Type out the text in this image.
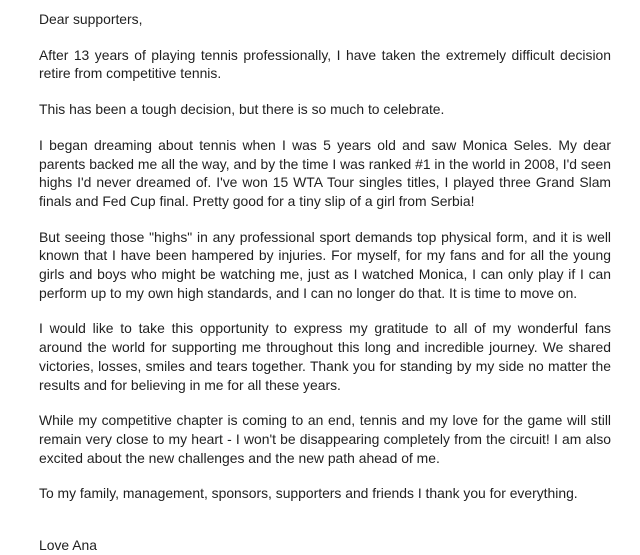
Dear supporters,

After 13 years of playing tennis professionally, I have taken the extremely difficult decision retire from competitive tennis.

This has been a tough decision, but there is so much to celebrate.

I began dreaming about tennis when I was 5 years old and saw Monica Seles. My dear parents backed me all the way, and by the time I was ranked #1 in the world in 2008, I'd seen highs I'd never dreamed of. I've won 15 WTA Tour singles titles, I played three Grand Slam finals and Fed Cup final. Pretty good for a tiny slip of a girl from Serbia!

But seeing those "highs" in any professional sport demands top physical form, and it is well known that I have been hampered by injuries. For myself, for my fans and for all the young girls and boys who might be watching me, just as I watched Monica, I can only play if I can perform up to my own high standards, and I can no longer do that. It is time to move on.

I would like to take this opportunity to express my gratitude to all of my wonderful fans around the world for supporting me throughout this long and incredible journey. We shared victories, losses, smiles and tears together. Thank you for standing by my side no matter the results and for believing in me for all these years.

While my competitive chapter is coming to an end, tennis and my love for the game will still remain very close to my heart - I won't be disappearing completely from the circuit! I am also excited about the new challenges and the new path ahead of me.

To my family, management, sponsors, supporters and friends I thank you for everything.

Love Ana
